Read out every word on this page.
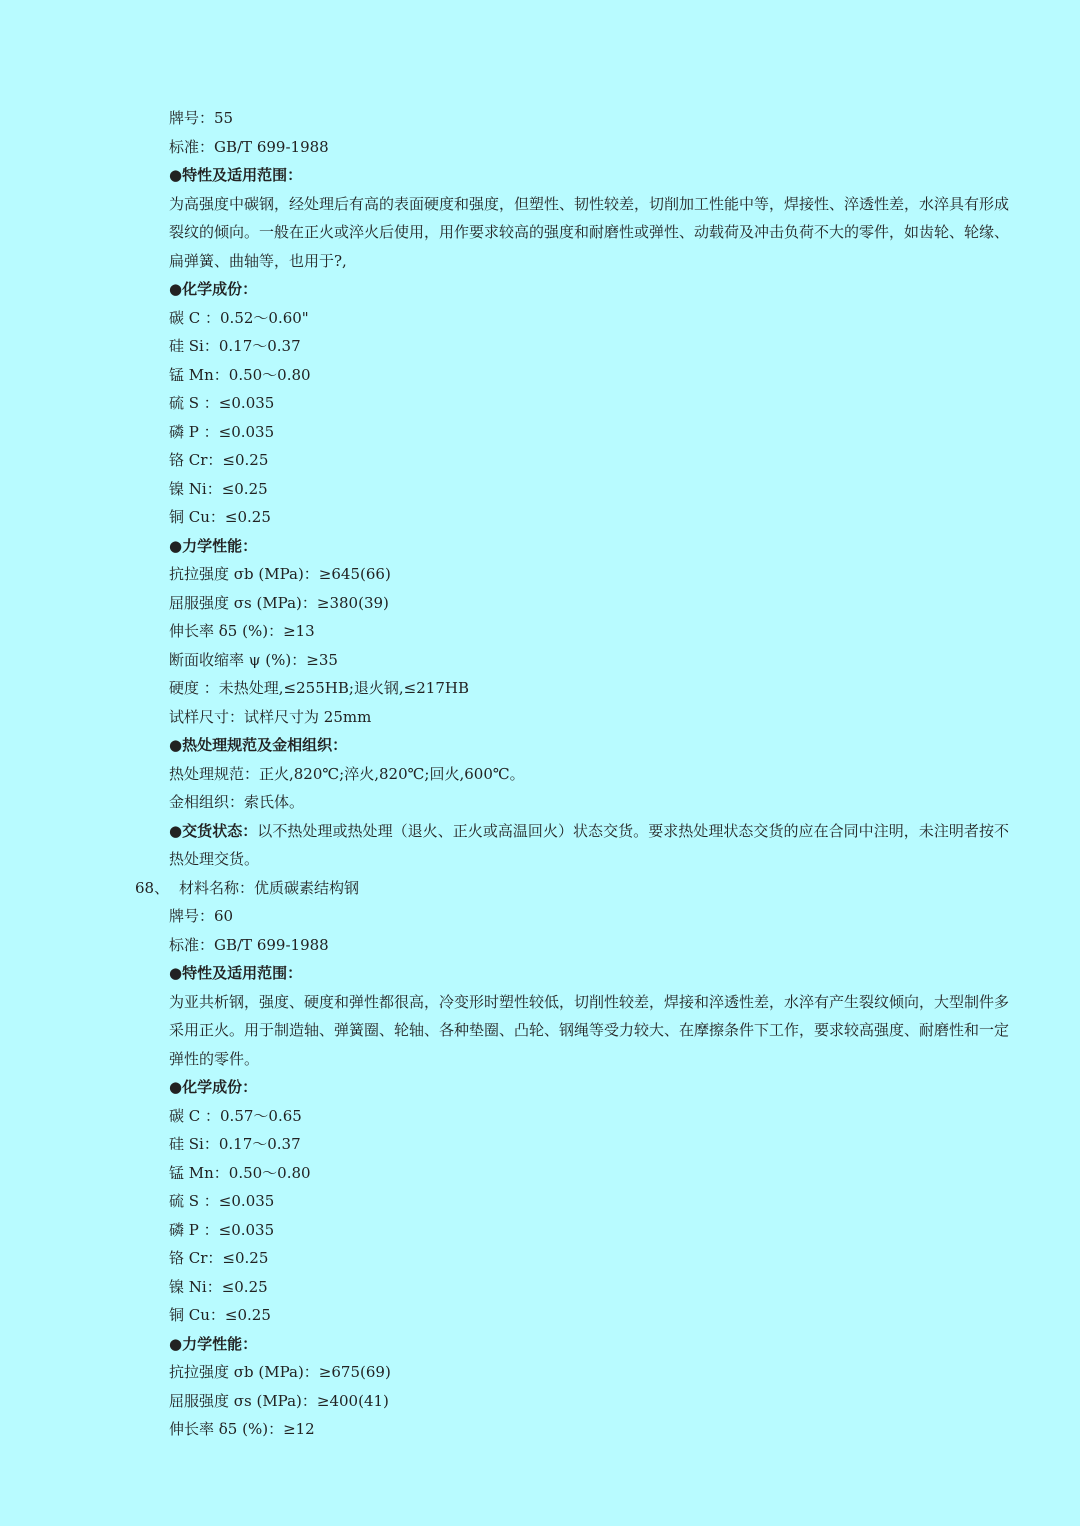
牌号：55
标准：GB/T 699-1988
●特性及适用范围：
为高强度中碳钢，经处理后有高的表面硬度和强度，但塑性、韧性较差，切削加工性能中等，焊接性、淬透性差，水淬具有形成裂纹的倾向。一般在正火或淬火后使用，用作要求较高的强度和耐磨性或弹性、动载荷及冲击负荷不大的零件，如齿轮、轮缘、扁弹簧、曲轴等，也用于?,
●化学成份：
碳 C ：0.52～0.60"
硅 Si：0.17～0.37
锰 Mn：0.50～0.80
硫 S ：≤0.035
磷 P ：≤0.035
铬 Cr：≤0.25
镍 Ni：≤0.25
铜 Cu：≤0.25
●力学性能：
抗拉强度 σb (MPa)：≥645(66)
屈服强度 σs (MPa)：≥380(39)
伸长率 δ5 (%)：≥13
断面收缩率 ψ (%)：≥35
硬度 ：未热处理,≤255HB;退火钢,≤217HB
试样尺寸：试样尺寸为 25mm
●热处理规范及金相组织：
热处理规范：正火,820℃;淬火,820℃;回火,600℃。
金相组织：索氏体。
●交货状态：以不热处理或热处理（退火、正火或高温回火）状态交货。要求热处理状态交货的应在合同中注明，未注明者按不热处理交货。
68、 材料名称：优质碳素结构钢
牌号：60
标准：GB/T 699-1988
●特性及适用范围：
为亚共析钢，强度、硬度和弹性都很高，冷变形时塑性较低，切削性较差，焊接和淬透性差，水淬有产生裂纹倾向，大型制件多采用正火。用于制造轴、弹簧圈、轮轴、各种垫圈、凸轮、钢绳等受力较大、在摩擦条件下工作，要求较高强度、耐磨性和一定弹性的零件。
●化学成份：
碳 C ：0.57～0.65
硅 Si：0.17～0.37
锰 Mn：0.50～0.80
硫 S ：≤0.035
磷 P ：≤0.035
铬 Cr：≤0.25
镍 Ni：≤0.25
铜 Cu：≤0.25
●力学性能：
抗拉强度 σb (MPa)：≥675(69)
屈服强度 σs (MPa)：≥400(41)
伸长率 δ5 (%)：≥12
